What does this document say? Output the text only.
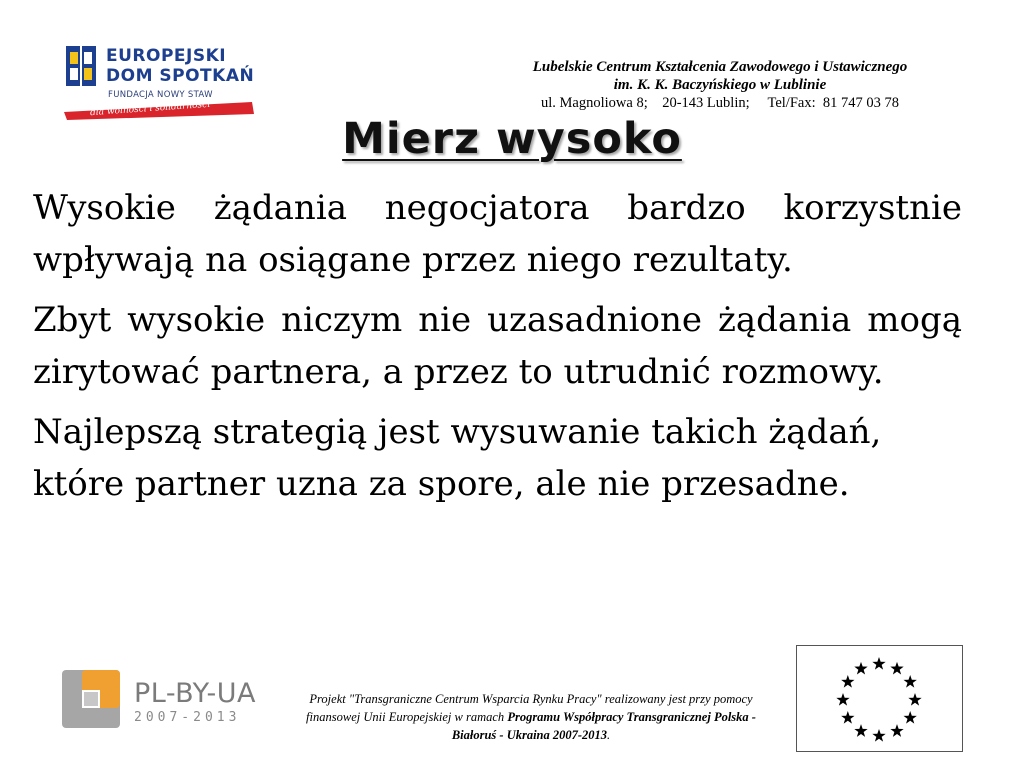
EUROPEJSKI
DOM SPOTKAŃ
FUNDACJA NOWY STAW
dla wolności i solidarności
Lubelskie Centrum Kształcenia Zawodowego i Ustawicznego
im. K. K. Baczyńskiego w Lublinie
ul. Magnoliowa 8;    20-143 Lublin;     Tel/Fax:  81 747 03 78
Mierz wysoko

Wysokie żądania negocjatora bardzo korzystnie wpływają na osiągane przez niego rezultaty.

Zbyt wysokie niczym nie uzasadnione żądania mogą zirytować partnera, a przez to utrudnić rozmowy.

Najlepszą strategią jest wysuwanie takich żądań, które partner uzna za spore, ale nie przesadne.

PL-BY-UA
2007-2013
Projekt "Transgraniczne Centrum Wsparcia Rynku Pracy" realizowany jest przy pomocy finansowej Unii Europejskiej w ramach Programu Współpracy Transgranicznej Polska - Białoruś - Ukraina 2007-2013.
